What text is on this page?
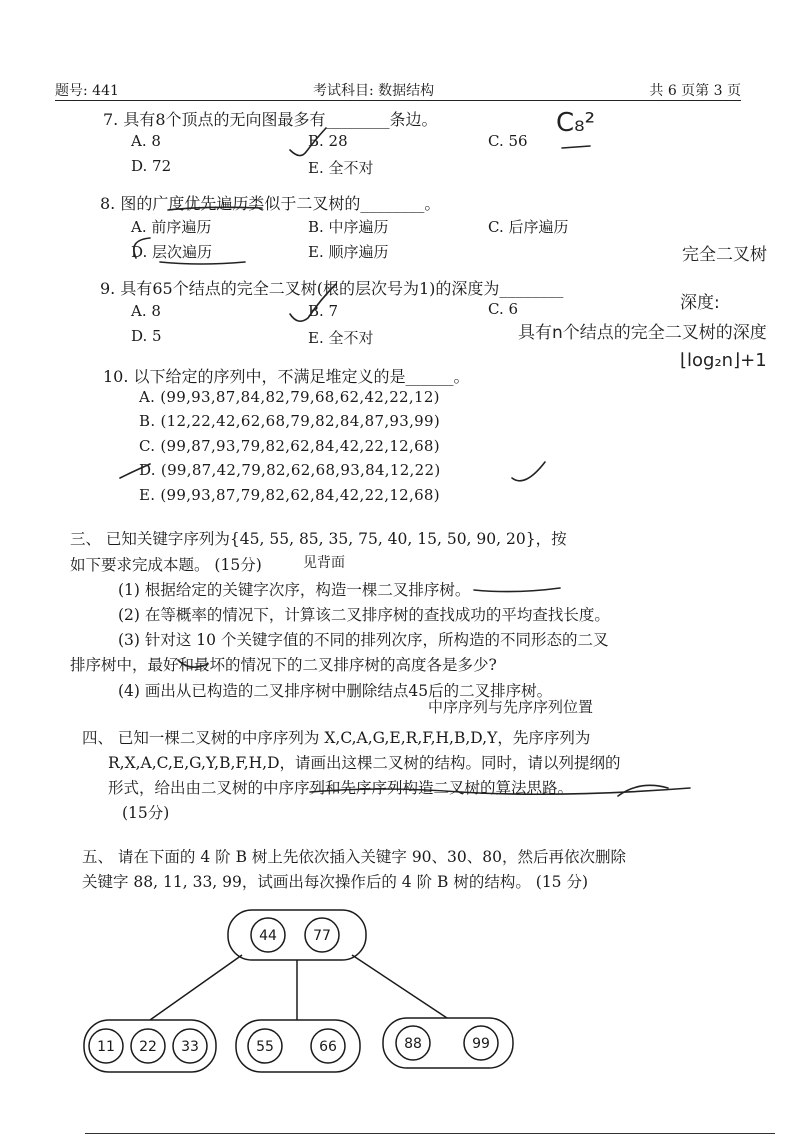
题号: 441	考试科目: 数据结构	共 6 页第 3 页
7. 具有8个顶点的无向图最多有________条边。
A. 8	B. 28	C. 56
D. 72	E. 全不对
C₈²
8. 图的广度优先遍历类似于二叉树的________。
A. 前序遍历	B. 中序遍历	C. 后序遍历
D. 层次遍历	E. 顺序遍历
9. 具有65个结点的完全二叉树(根的层次号为1)的深度为________
A. 8	B. 7	C. 6
D. 5	E. 全不对
完全二叉树
深度:
具有n个结点的完全二叉树的深度
⌊log₂n⌋+1
10. 以下给定的序列中，不满足堆定义的是______。
A. (99,93,87,84,82,79,68,62,42,22,12)
B. (12,22,42,62,68,79,82,84,87,93,99)
C. (99,87,93,79,82,62,84,42,22,12,68)
D. (99,87,42,79,82,62,68,93,84,12,22)
E. (99,93,87,79,82,62,84,42,22,12,68)
三、 已知关键字序列为{45, 55, 85, 35, 75, 40, 15, 50, 90, 20}，按
如下要求完成本题。 (15分)	见背面
(1) 根据给定的关键字次序，构造一棵二叉排序树。
(2) 在等概率的情况下，计算该二叉排序树的查找成功的平均查找长度。
(3) 针对这 10 个关键字值的不同的排列次序，所构造的不同形态的二叉
排序树中，最好和最坏的情况下的二叉排序树的高度各是多少?
(4) 画出从已构造的二叉排序树中删除结点45后的二叉排序树。
中序序列与先序序列位置
四、 已知一棵二叉树的中序序列为 X,C,A,G,E,R,F,H,B,D,Y，先序序列为
R,X,A,C,E,G,Y,B,F,H,D，请画出这棵二叉树的结构。同时，请以列提纲的
形式，给出由二叉树的中序序列和先序序列构造二叉树的算法思路。
(15分)
五、 请在下面的 4 阶 B 树上先依次插入关键字 90、30、80，然后再依次删除
关键字 88, 11, 33, 99，试画出每次操作后的 4 阶 B 树的结构。 (15 分)
44	77
11 22 33	55	66	88	99
